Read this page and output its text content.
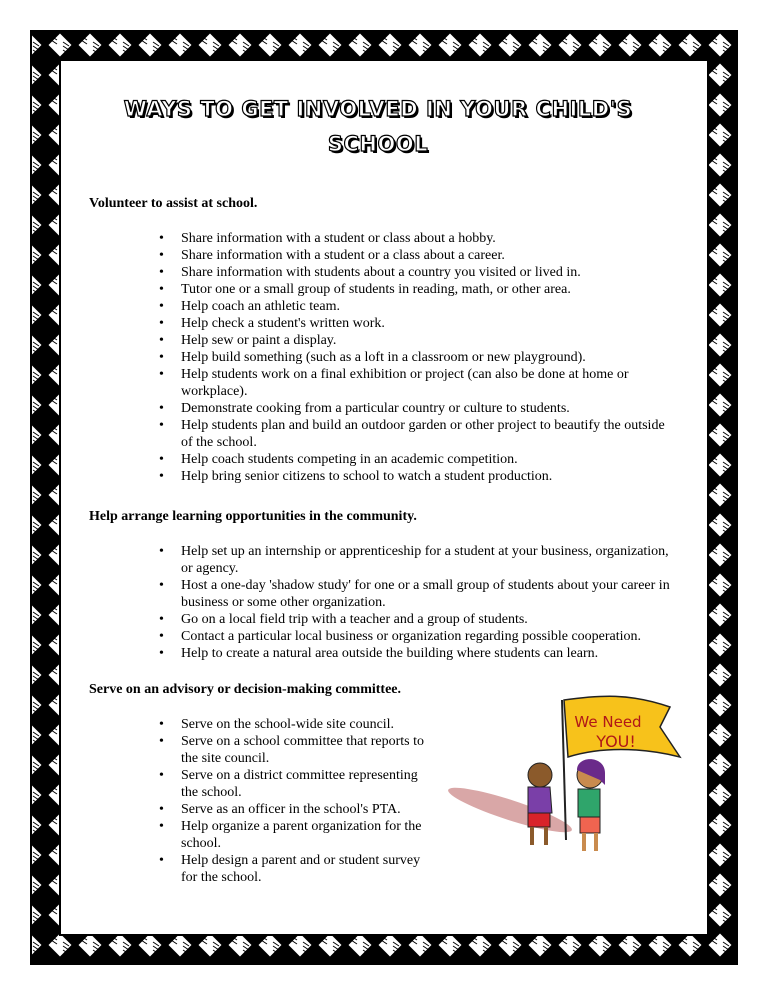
WAYS TO GET INVOLVED IN YOUR CHILD'S
SCHOOL
Volunteer to assist at school.
• Share information with a student or class about a hobby.
• Share information with a student or a class about a career.
• Share information with students about a country you visited or lived in.
• Tutor one or a small group of students in reading, math, or other area.
• Help coach an athletic team.
• Help check a student's written work.
• Help sew or paint a display.
• Help build something (such as a loft in a classroom or new playground).
• Help students work on a final exhibition or project (can also be done at home or workplace).
• Demonstrate cooking from a particular country or culture to students.
• Help students plan and build an outdoor garden or other project to beautify the outside of the school.
• Help coach students competing in an academic competition.
• Help bring senior citizens to school to watch a student production.
Help arrange learning opportunities in the community.
• Help set up an internship or apprenticeship for a student at your business, organization, or agency.
• Host a one-day 'shadow study' for one or a small group of students about your career in business or some other organization.
• Go on a local field trip with a teacher and a group of students.
• Contact a particular local business or organization regarding possible cooperation.
• Help to create a natural area outside the building where students can learn.
Serve on an advisory or decision-making committee.
• Serve on the school-wide site council.
• Serve on a school committee that reports to the site council.
• Serve on a district committee representing the school.
• Serve as an officer in the school's PTA.
• Help organize a parent organization for the school.
• Help design a parent and or student survey for the school.
We Need
YOU!
